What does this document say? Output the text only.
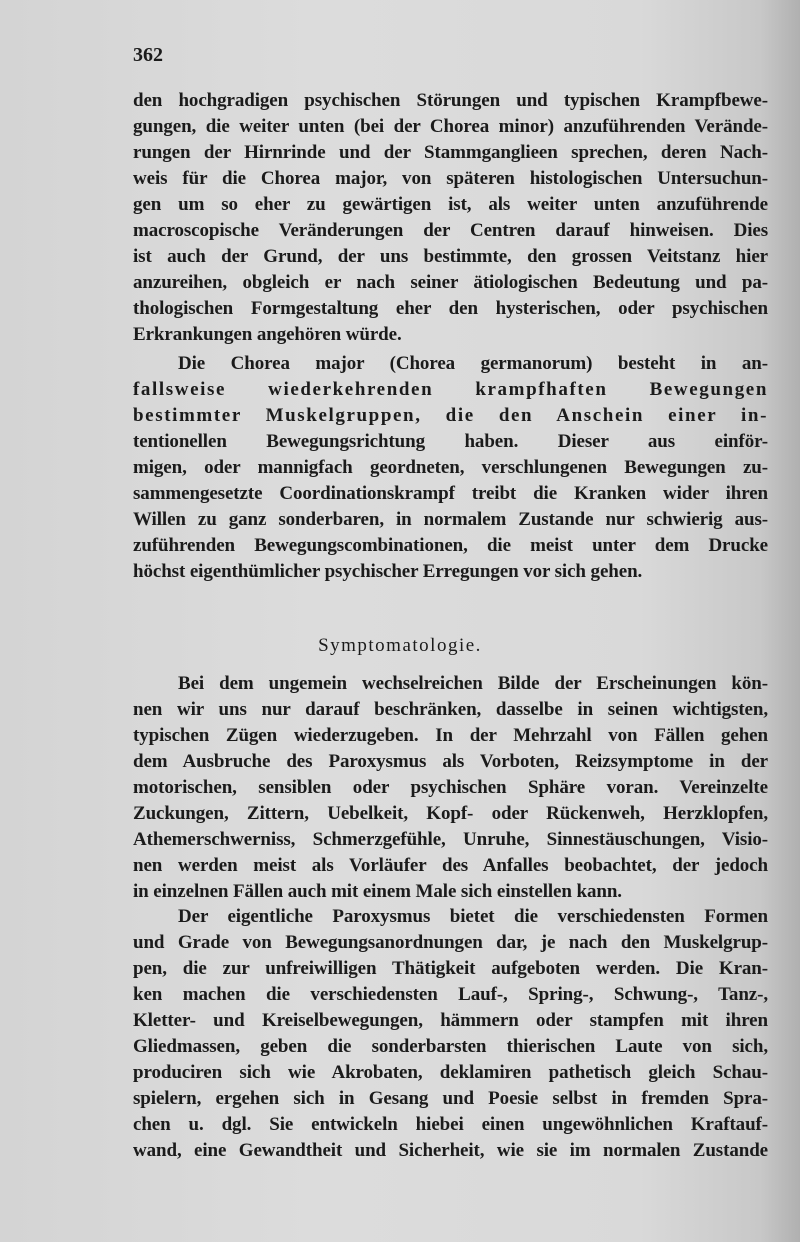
362
Symptomatologie.
den hochgradigen psychischen Störungen und typischen Krampfbewe-
gungen, die weiter unten (bei der Chorea minor) anzuführenden Verände-
rungen der Hirnrinde und der Stammganglieen sprechen, deren Nach-
weis für die Chorea major, von späteren histologischen Untersuchun-
gen um so eher zu gewärtigen ist, als weiter unten anzuführende
macroscopische Veränderungen der Centren darauf hinweisen. Dies
ist auch der Grund, der uns bestimmte, den grossen Veitstanz hier
anzureihen, obgleich er nach seiner ätiologischen Bedeutung und pa-
thologischen Formgestaltung eher den hysterischen, oder psychischen
Erkrankungen angehören würde.
Die Chorea major (Chorea germanorum) besteht in an-
fallsweise wiederkehrenden krampfhaften Bewegungen
bestimmter Muskelgruppen, die den Anschein einer in-
tentionellen Bewegungsrichtung haben. Dieser aus einför-
migen, oder mannigfach geordneten, verschlungenen Bewegungen zu-
sammengesetzte Coordinationskrampf treibt die Kranken wider ihren
Willen zu ganz sonderbaren, in normalem Zustande nur schwierig aus-
zuführenden Bewegungscombinationen, die meist unter dem Drucke
höchst eigenthümlicher psychischer Erregungen vor sich gehen.
Bei dem ungemein wechselreichen Bilde der Erscheinungen kön-
nen wir uns nur darauf beschränken, dasselbe in seinen wichtigsten,
typischen Zügen wiederzugeben. In der Mehrzahl von Fällen gehen
dem Ausbruche des Paroxysmus als Vorboten, Reizsymptome in der
motorischen, sensiblen oder psychischen Sphäre voran. Vereinzelte
Zuckungen, Zittern, Uebelkeit, Kopf- oder Rückenweh, Herzklopfen,
Athemerschwerniss, Schmerzgefühle, Unruhe, Sinnestäuschungen, Visio-
nen werden meist als Vorläufer des Anfalles beobachtet, der jedoch
in einzelnen Fällen auch mit einem Male sich einstellen kann.
Der eigentliche Paroxysmus bietet die verschiedensten Formen
und Grade von Bewegungsanordnungen dar, je nach den Muskelgrup-
pen, die zur unfreiwilligen Thätigkeit aufgeboten werden. Die Kran-
ken machen die verschiedensten Lauf-, Spring-, Schwung-, Tanz-,
Kletter- und Kreiselbewegungen, hämmern oder stampfen mit ihren
Gliedmassen, geben die sonderbarsten thierischen Laute von sich,
produciren sich wie Akrobaten, deklamiren pathetisch gleich Schau-
spielern, ergehen sich in Gesang und Poesie selbst in fremden Spra-
chen u. dgl. Sie entwickeln hiebei einen ungewöhnlichen Kraftauf-
wand, eine Gewandtheit und Sicherheit, wie sie im normalen Zustande
